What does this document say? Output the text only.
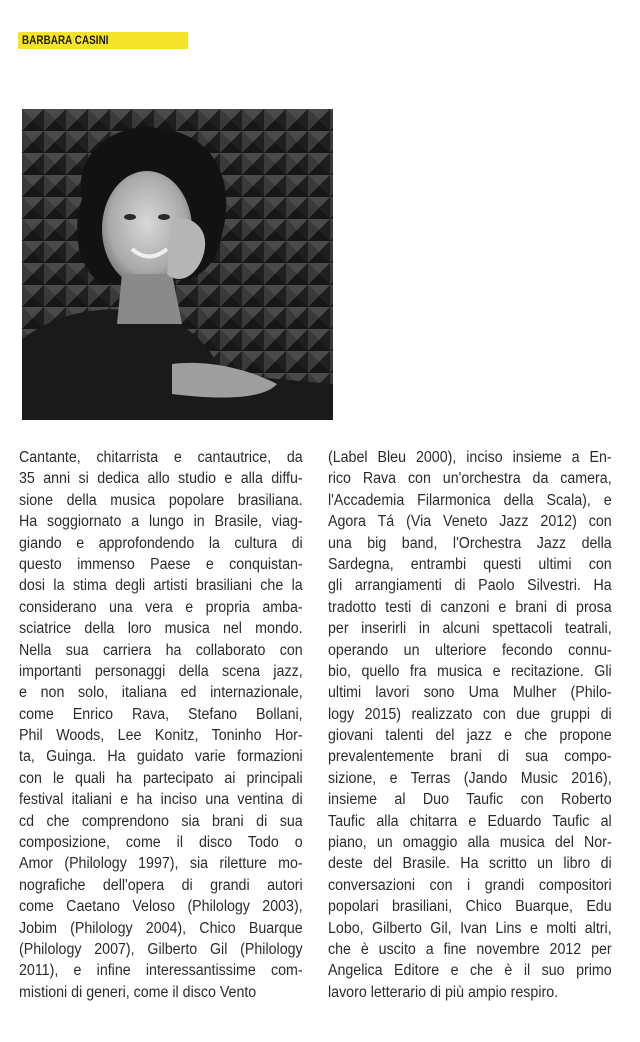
BARBARA CASINI
Cantante, chitarrista e cantautrice, da
35 anni si dedica allo studio e alla diffu-
sione della musica popolare brasiliana.
Ha soggiornato a lungo in Brasile, viag-
giando e approfondendo la cultura di
questo immenso Paese e conquistan-
dosi la stima degli artisti brasiliani che la
considerano una vera e propria amba-
sciatrice della loro musica nel mondo.
Nella sua carriera ha collaborato con
importanti personaggi della scena jazz,
e non solo, italiana ed internazionale,
come Enrico Rava, Stefano Bollani,
Phil Woods, Lee Konitz, Toninho Hor-
ta, Guinga. Ha guidato varie formazioni
con le quali ha partecipato ai principali
festival italiani e ha inciso una ventina di
cd che comprendono sia brani di sua
composizione, come il disco Todo o
Amor (Philology 1997), sia riletture mo-
nografiche dell'opera di grandi autori
come Caetano Veloso (Philology 2003),
Jobim (Philology 2004), Chico Buarque
(Philology 2007), Gilberto Gil (Philology
2011), e infine interessantissime com-
mistioni di generi, come il disco Vento
(Label Bleu 2000), inciso insieme a En-
rico Rava con un'orchestra da camera,
l'Accademia Filarmonica della Scala), e
Agora Tá (Via Veneto Jazz 2012) con
una big band, l'Orchestra Jazz della
Sardegna, entrambi questi ultimi con
gli arrangiamenti di Paolo Silvestri. Ha
tradotto testi di canzoni e brani di prosa
per inserirli in alcuni spettacoli teatrali,
operando un ulteriore fecondo connu-
bio, quello fra musica e recitazione. Gli
ultimi lavori sono Uma Mulher (Philo-
logy 2015) realizzato con due gruppi di
giovani talenti del jazz e che propone
prevalentemente brani di sua compo-
sizione, e Terras (Jando Music 2016),
insieme al Duo Taufic con Roberto
Taufic alla chitarra e Eduardo Taufic al
piano, un omaggio alla musica del Nor-
deste del Brasile. Ha scritto un libro di
conversazioni con i grandi compositori
popolari brasiliani, Chico Buarque, Edu
Lobo, Gilberto Gil, Ivan Lins e molti altri,
che è uscito a fine novembre 2012 per
Angelica Editore e che è il suo primo
lavoro letterario di più ampio respiro.
